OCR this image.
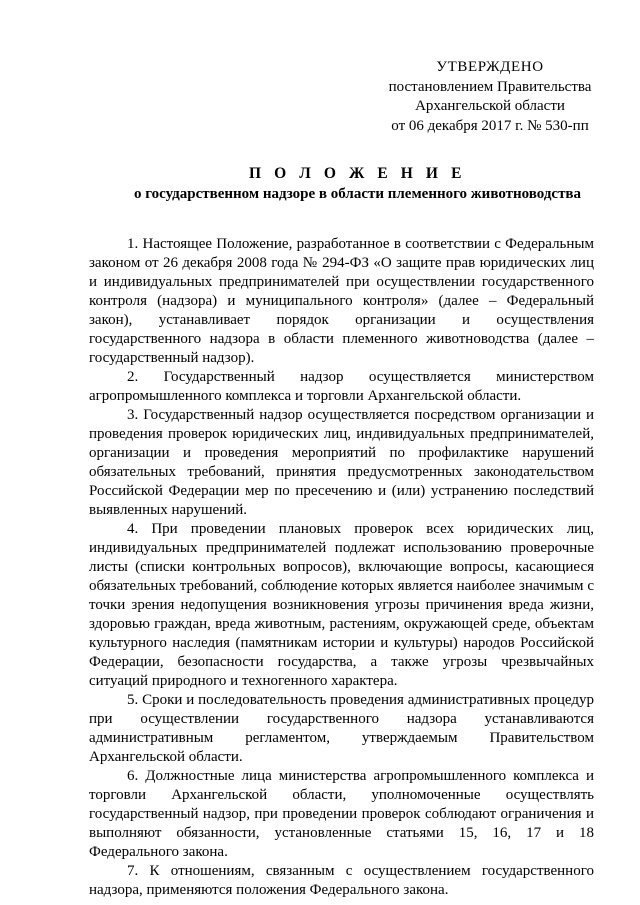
УТВЕРЖДЕНО
постановлением Правительства
Архангельской области
от 06 декабря 2017 г. № 530-пп
П О Л О Ж Е Н И Е
о государственном надзоре в области племенного животноводства

1. Настоящее Положение, разработанное в соответствии с Федеральным законом от 26 декабря 2008 года № 294-ФЗ «О защите прав юридических лиц и индивидуальных предпринимателей при осуществлении государственного контроля (надзора) и муниципального контроля» (далее – Федеральный закон), устанавливает порядок организации и осуществления государственного надзора в области племенного животноводства (далее – государственный надзор).

2. Государственный надзор осуществляется министерством агропромышленного комплекса и торговли Архангельской области.

3. Государственный надзор осуществляется посредством организации и проведения проверок юридических лиц, индивидуальных предпринимателей, организации и проведения мероприятий по профилактике нарушений обязательных требований, принятия предусмотренных законодательством Российской Федерации мер по пресечению и (или) устранению последствий выявленных нарушений.

4. При проведении плановых проверок всех юридических лиц, индивидуальных предпринимателей подлежат использованию проверочные листы (списки контрольных вопросов), включающие вопросы, касающиеся обязательных требований, соблюдение которых является наиболее значимым с точки зрения недопущения возникновения угрозы причинения вреда жизни, здоровью граждан, вреда животным, растениям, окружающей среде, объектам культурного наследия (памятникам истории и культуры) народов Российской Федерации, безопасности государства, а также угрозы чрезвычайных ситуаций природного и техногенного характера.

5. Сроки и последовательность проведения административных процедур при осуществлении государственного надзора устанавливаются административным регламентом, утверждаемым Правительством Архангельской области.

6. Должностные лица министерства агропромышленного комплекса и торговли Архангельской области, уполномоченные осуществлять государственный надзор, при проведении проверок соблюдают ограничения и выполняют обязанности, установленные статьями 15, 16, 17 и 18 Федерального закона.

7. К отношениям, связанным с осуществлением государственного надзора, применяются положения Федерального закона.
